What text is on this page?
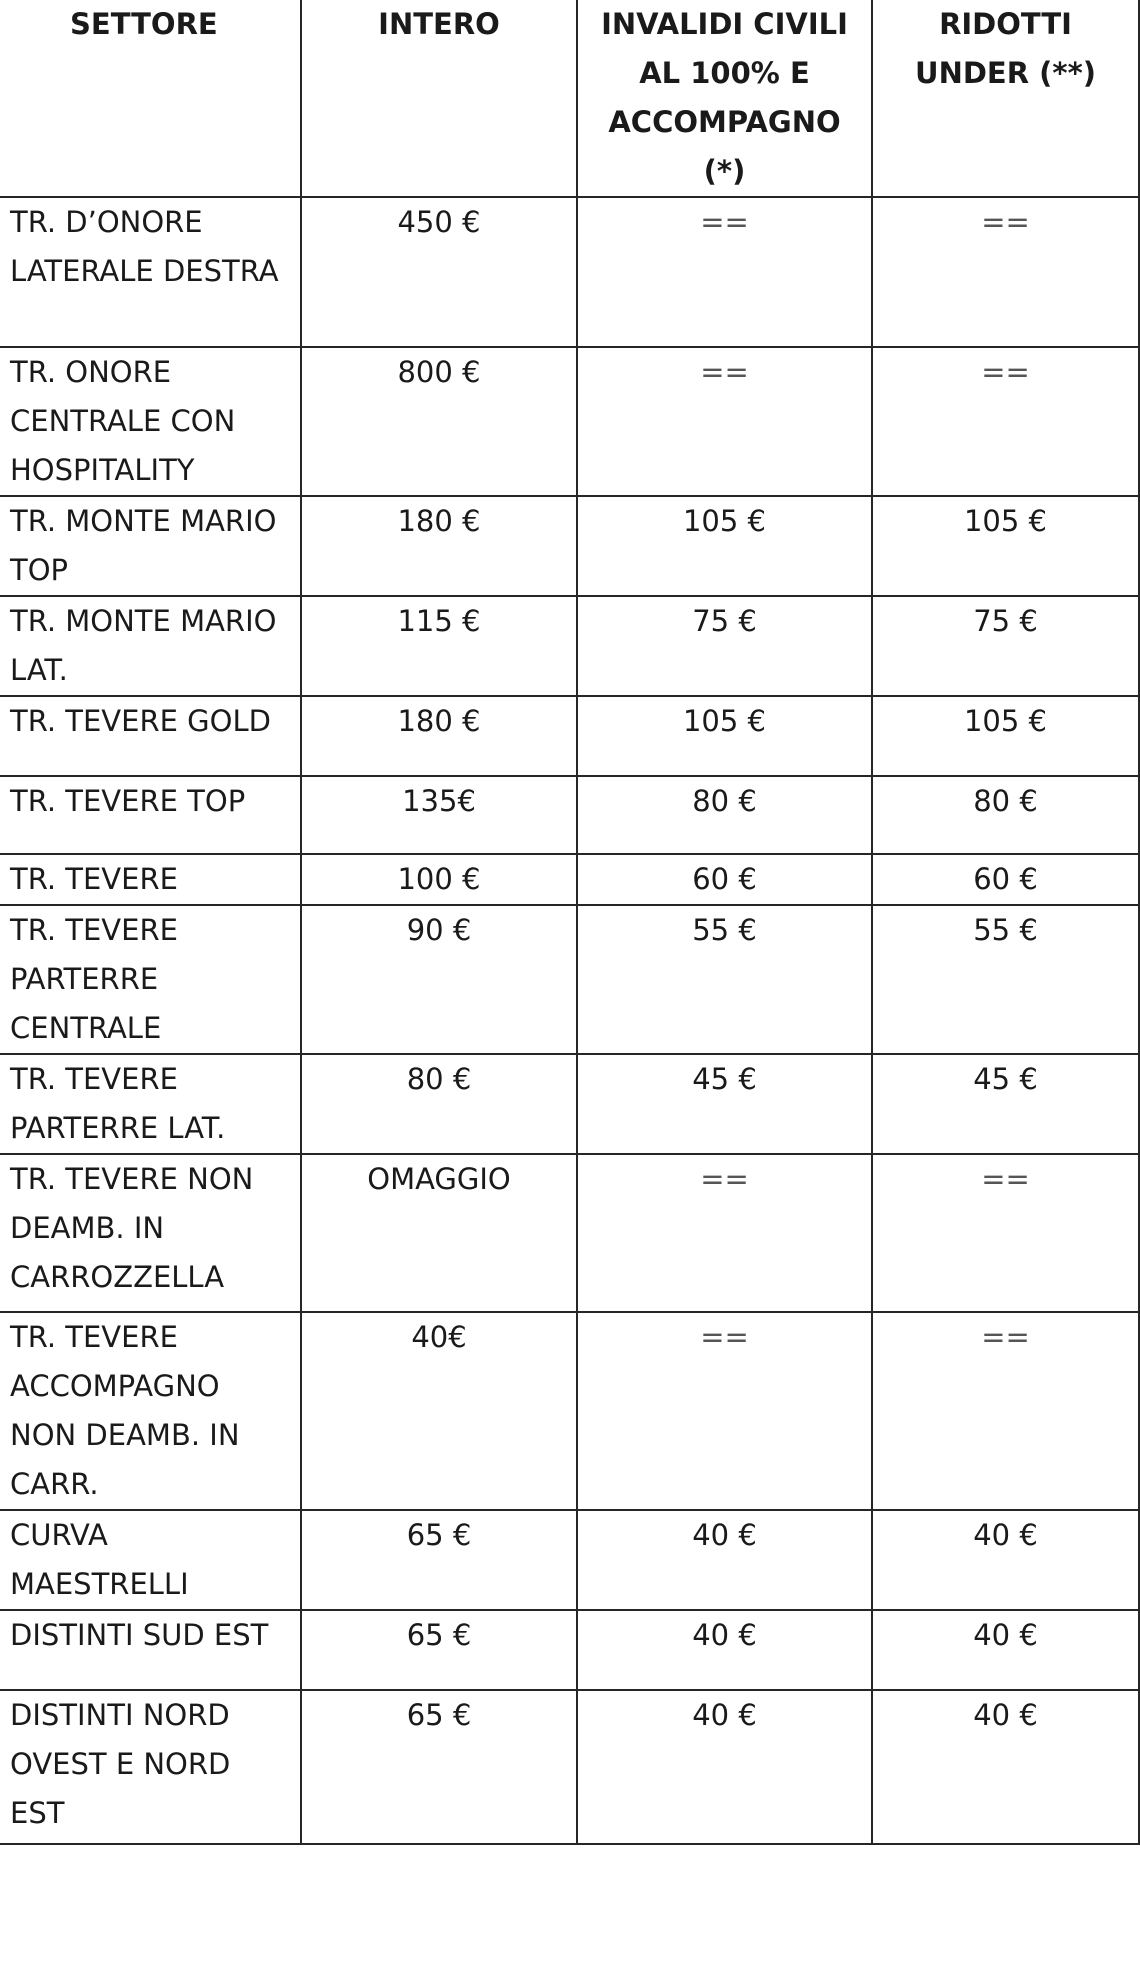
SETTORE	INTERO	INVALIDI CIVILI AL 100% E ACCOMPAGNO (*)	RIDOTTI UNDER (**)
TR. D’ONORE LATERALE DESTRA	450 €	==	==
TR. ONORE CENTRALE CON HOSPITALITY	800 €	==	==
TR. MONTE MARIO TOP	180 €	105 €	105 €
TR. MONTE MARIO LAT.	115 €	75 €	75 €
TR. TEVERE GOLD	180 €	105 €	105 €
TR. TEVERE TOP	135€	80 €	80 €
TR. TEVERE	100 €	60 €	60 €
TR. TEVERE PARTERRE CENTRALE	90 €	55 €	55 €
TR. TEVERE PARTERRE LAT.	80 €	45 €	45 €
TR. TEVERE NON DEAMB. IN CARROZZELLA	OMAGGIO	==	==
TR. TEVERE ACCOMPAGNO NON DEAMB. IN CARR.	40€	==	==
CURVA MAESTRELLI	65 €	40 €	40 €
DISTINTI SUD EST	65 €	40 €	40 €
DISTINTI NORD OVEST E NORD EST	65 €	40 €	40 €
